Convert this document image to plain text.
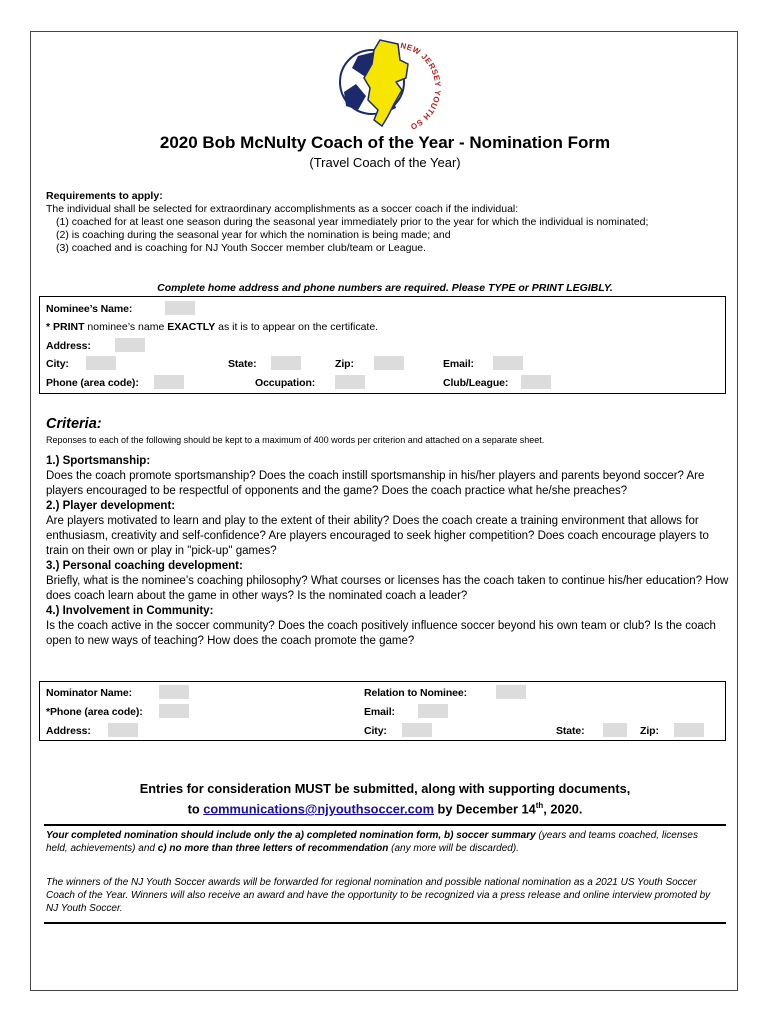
NEW JERSEY YOUTH SO
2020 Bob McNulty Coach of the Year - Nomination Form
(Travel Coach of the Year)
Requirements to apply:
The individual shall be selected for extraordinary accomplishments as a soccer coach if the individual:
(1) coached for at least one season during the seasonal year immediately prior to the year for which the individual is nominated;
(2) is coaching during the seasonal year for which the nomination is being made; and
(3) coached and is coaching for NJ Youth Soccer member club/team or League.
Complete home address and phone numbers are required. Please TYPE or PRINT LEGIBLY.
Nominee’s Name:
* PRINT nominee’s name EXACTLY as it is to appear on the certificate.
Address:
City:	State:	Zip:	Email:
Phone (area code):	Occupation:	Club/League:
Criteria:
Reponses to each of the following should be kept to a maximum of 400 words per criterion and attached on a separate sheet.

1.) Sportsmanship:
Does the coach promote sportsmanship? Does the coach instill sportsmanship in his/her players and parents beyond soccer? Are players encouraged to be respectful of opponents and the game? Does the coach practice what he/she preaches?

2.) Player development:
Are players motivated to learn and play to the extent of their ability? Does the coach create a training environment that allows for enthusiasm, creativity and self-confidence? Are players encouraged to seek higher competition? Does coach encourage players to train on their own or play in "pick-up" games?

3.) Personal coaching development:
Briefly, what is the nominee’s coaching philosophy? What courses or licenses has the coach taken to continue his/her education? How does coach learn about the game in other ways? Is the nominated coach a leader?

4.) Involvement in Community:
Is the coach active in the soccer community? Does the coach positively influence soccer beyond his own team or club? Is the coach open to new ways of teaching? How does the coach promote the game?

Nominator Name:	Relation to Nominee:
*Phone (area code):	Email:
Address:	City:	State:	Zip:
Entries for consideration MUST be submitted, along with supporting documents,
to communications@njyouthsoccer.com by December 14th, 2020.
Your completed nomination should include only the a) completed nomination form, b) soccer summary (years and teams coached, licenses held, achievements) and c) no more than three letters of recommendation (any more will be discarded).
The winners of the NJ Youth Soccer awards will be forwarded for regional nomination and possible national nomination as a 2021 US Youth Soccer Coach of the Year. Winners will also receive an award and have the opportunity to be recognized via a press release and online interview promoted by NJ Youth Soccer.
